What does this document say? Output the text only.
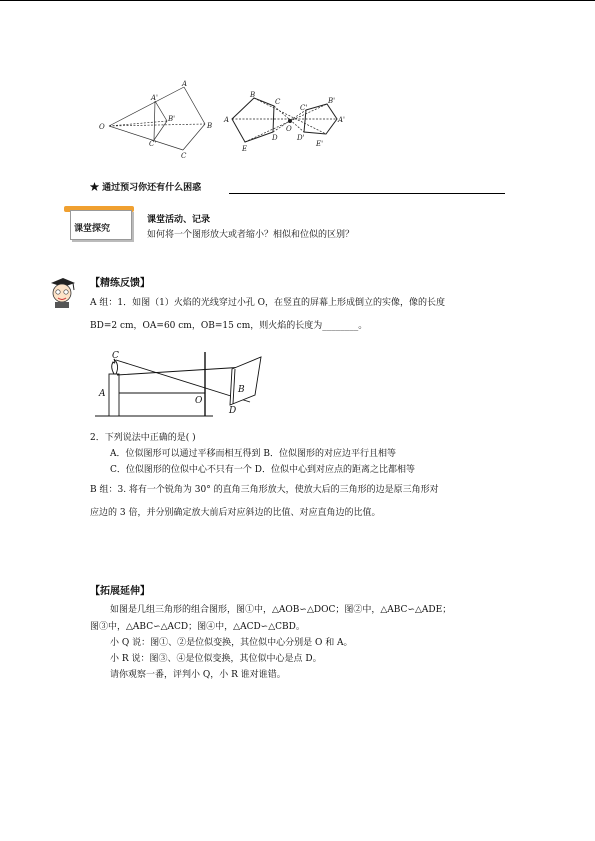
O
A
A'
B
B'
C
C'
B
C
A
D
E
O
C'
B'
A'
D'
E'
★ 通过预习你还有什么困惑
课堂探究
课堂活动、记录
如何将一个图形放大或者缩小？相似和位似的区别？
【精练反馈】
A 组：1．如图（1）火焰的光线穿过小孔 O，在竖直的屏幕上形成倒立的实像，像的长度
BD=2 cm，OA=60 cm，OB=15 cm，则火焰的长度为________。
C
A
O
B
D
2．下列说法中正确的是( )
A．位似图形可以通过平移而相互得到 B．位似图形的对应边平行且相等
C．位似图形的位似中心不只有一个 D．位似中心到对应点的距离之比都相等
B 组：3. 将有一个锐角为 30° 的直角三角形放大，使放大后的三角形的边是原三角形对
应边的 3 倍，并分别确定放大前后对应斜边的比值、对应直角边的比值。
【拓展延伸】
如图是几组三角形的组合图形，图①中，△AOB∽△DOC；图②中，△ABC∽△ADE；
图③中，△ABC∽△ACD；图④中，△ACD∽△CBD。
小 Q 说：图①、②是位似变换，其位似中心分别是 O 和 A。
小 R 说：图③、④是位似变换，其位似中心是点 D。
请你观察一番，评判小 Q，小 R 谁对谁错。
